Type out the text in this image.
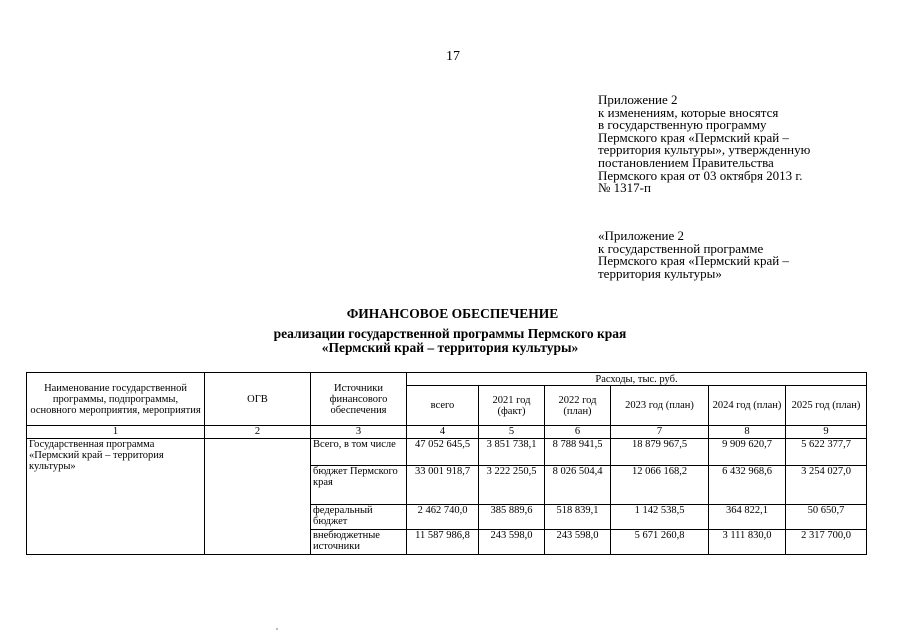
17
Приложение 2
к изменениям, которые вносятся
в государственную программу
Пермского края «Пермский край –
территория культуры», утвержденную
постановлением Правительства
Пермского края от 03 октября 2013 г.
№ 1317-п
«Приложение 2
к государственной программе
Пермского края «Пермский край –
территория культуры»
ФИНАНСОВОЕ ОБЕСПЕЧЕНИЕ
реализации государственной программы Пермского края
«Пермский край – территория культуры»
Наименование государственной программы, подпрограммы, основного мероприятия, мероприятия	ОГВ	Источники финансового обеспечения	Расходы, тыс. руб.					
			всего	2021 год (факт)	2022 год (план)	2023 год (план)	2024 год (план)	2025 год (план)
1	2	3	4	5	6	7	8	9
Государственная программа «Пермский край – территория культуры»		Всего, в том числе	47 052 645,5	3 851 738,1	8 788 941,5	18 879 967,5	9 909 620,7	5 622 377,7
		бюджет Пермского края	33 001 918,7	3 222 250,5	8 026 504,4	12 066 168,2	6 432 968,6	3 254 027,0
		федеральный бюджет	2 462 740,0	385 889,6	518 839,1	1 142 538,5	364 822,1	50 650,7
		внебюджетные источники	11 587 986,8	243 598,0	243 598,0	5 671 260,8	3 111 830,0	2 317 700,0
